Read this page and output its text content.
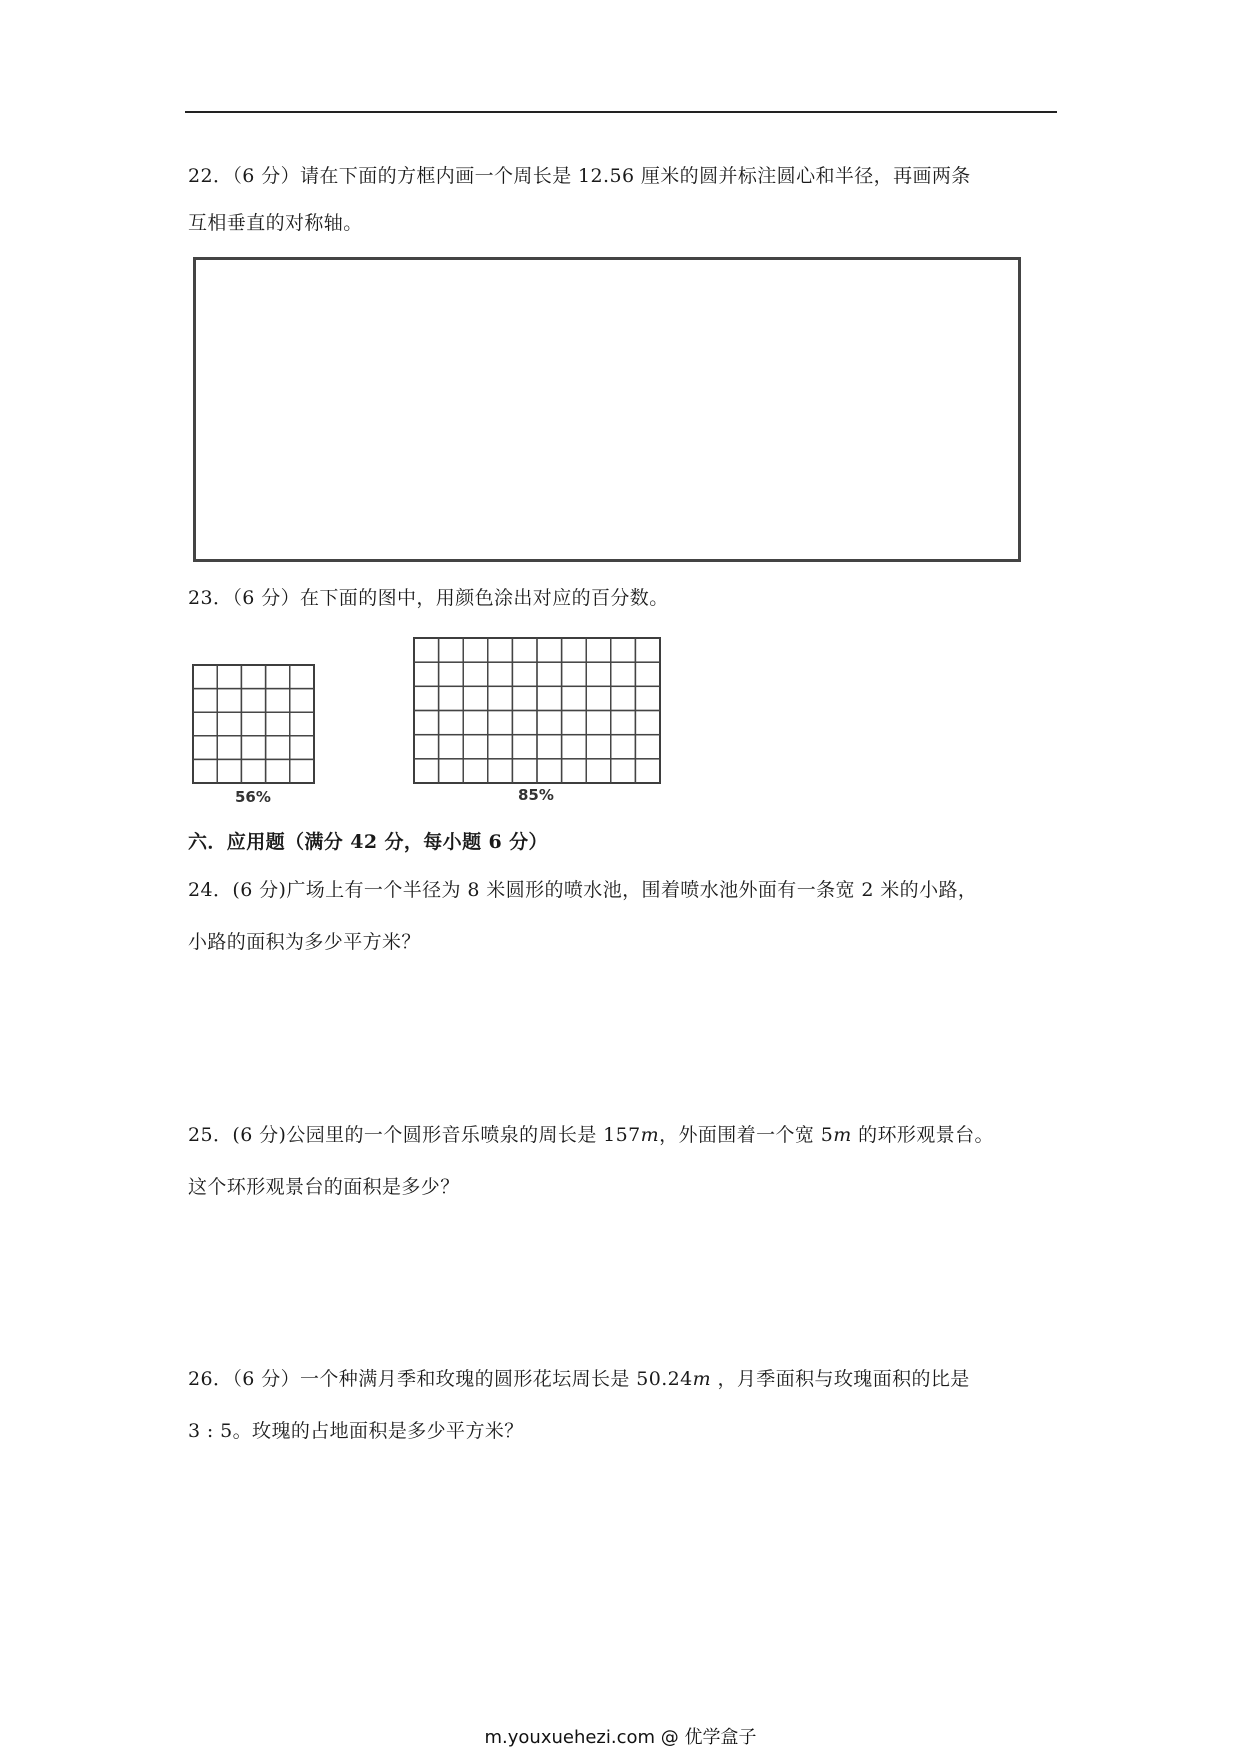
22．（6 分）请在下面的方框内画一个周长是 12.56 厘米的圆并标注圆心和半径，再画两条
互相垂直的对称轴。
23．（6 分）在下面的图中，用颜色涂出对应的百分数。
56%	85%
六．应用题（满分 42 分，每小题 6 分）
24．(6 分)广场上有一个半径为 8 米圆形的喷水池，围着喷水池外面有一条宽 2 米的小路，
小路的面积为多少平方米？
25．(6 分)公园里的一个圆形音乐喷泉的周长是 157m，外面围着一个宽 5m 的环形观景台。
这个环形观景台的面积是多少？
26．（6 分）一个种满月季和玫瑰的圆形花坛周长是 50.24m ，月季面积与玫瑰面积的比是
3 : 5。玫瑰的占地面积是多少平方米？
m.youxuehezi.com @ 优学盒子
